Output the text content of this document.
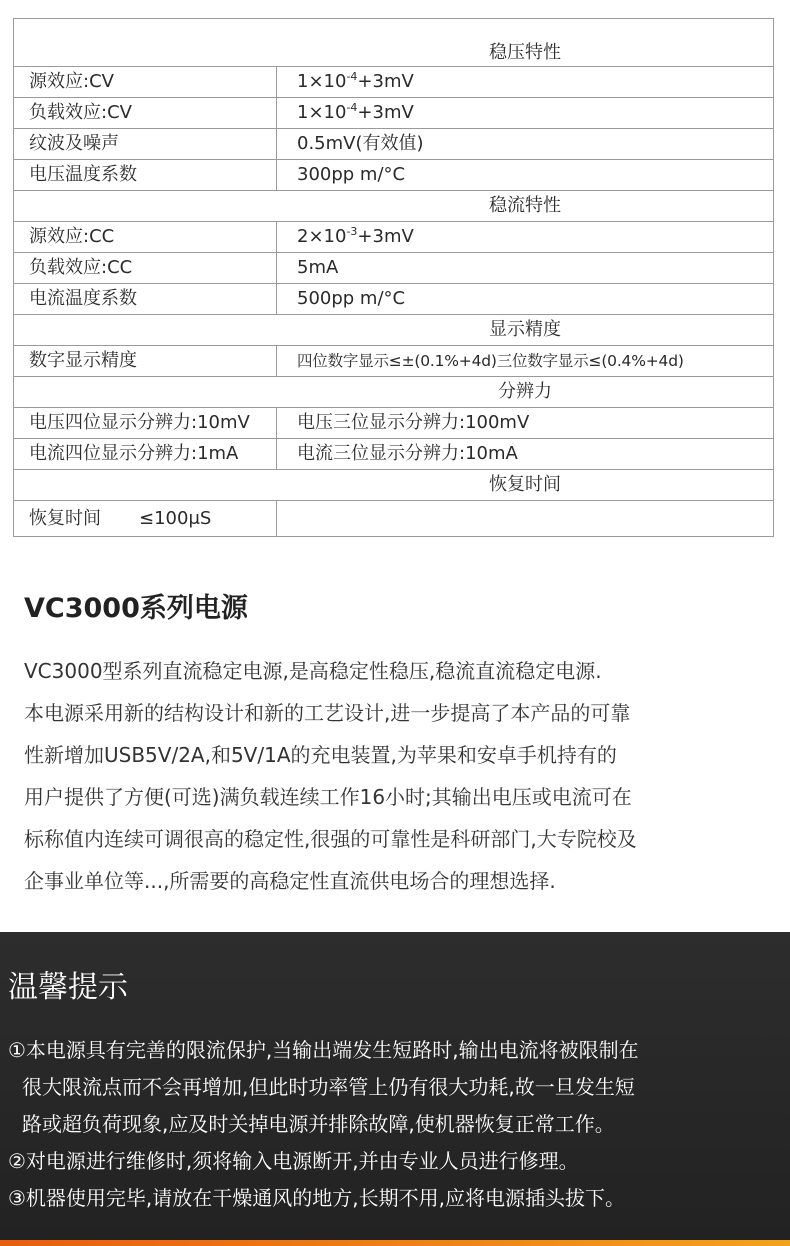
稳压特性	
源效应:CV	$1\times 10^{-4}+3mV$
负载效应:CV	$1\times 10^{-4}+3mV$
纹波及噪声	0.5mV(有效值)
电压温度系数	300pp m/°C
稳流特性	
源效应:CC	$2\times 10^{-3}+3mV$
负载效应:CC	5mA
电流温度系数	500pp m/°C
显示精度	
数字显示精度	四位数字显示≤±(0.1%+4d)三位数字显示≤(0.4%+4d)
分辨力	
电压四位显示分辨力:10mV	电压三位显示分辨力:100mV
电流四位显示分辨力:1mA	电流三位显示分辨力:10mA
恢复时间	
恢复时间 ≤100μS	
VC3000系列电源
VC3000型系列直流稳定电源,是高稳定性稳压,稳流直流稳定电源.
本电源采用新的结构设计和新的工艺设计,进一步提高了本产品的可靠
性新增加USB5V/2A,和5V/1A的充电装置,为苹果和安卓手机持有的
用户提供了方便(可选)满负载连续工作16小时;其输出电压或电流可在
标称值内连续可调很高的稳定性,很强的可靠性是科研部门,大专院校及
企事业单位等...,所需要的高稳定性直流供电场合的理想选择.
温馨提示

①本电源具有完善的限流保护,当输出端发生短路时,输出电流将被限制在
很大限流点而不会再增加,但此时功率管上仍有很大功耗,故一旦发生短
路或超负荷现象,应及时关掉电源并排除故障,使机器恢复正常工作。

②对电源进行维修时,须将输入电源断开,并由专业人员进行修理。

③机器使用完毕,请放在干燥通风的地方,长期不用,应将电源插头拔下。
